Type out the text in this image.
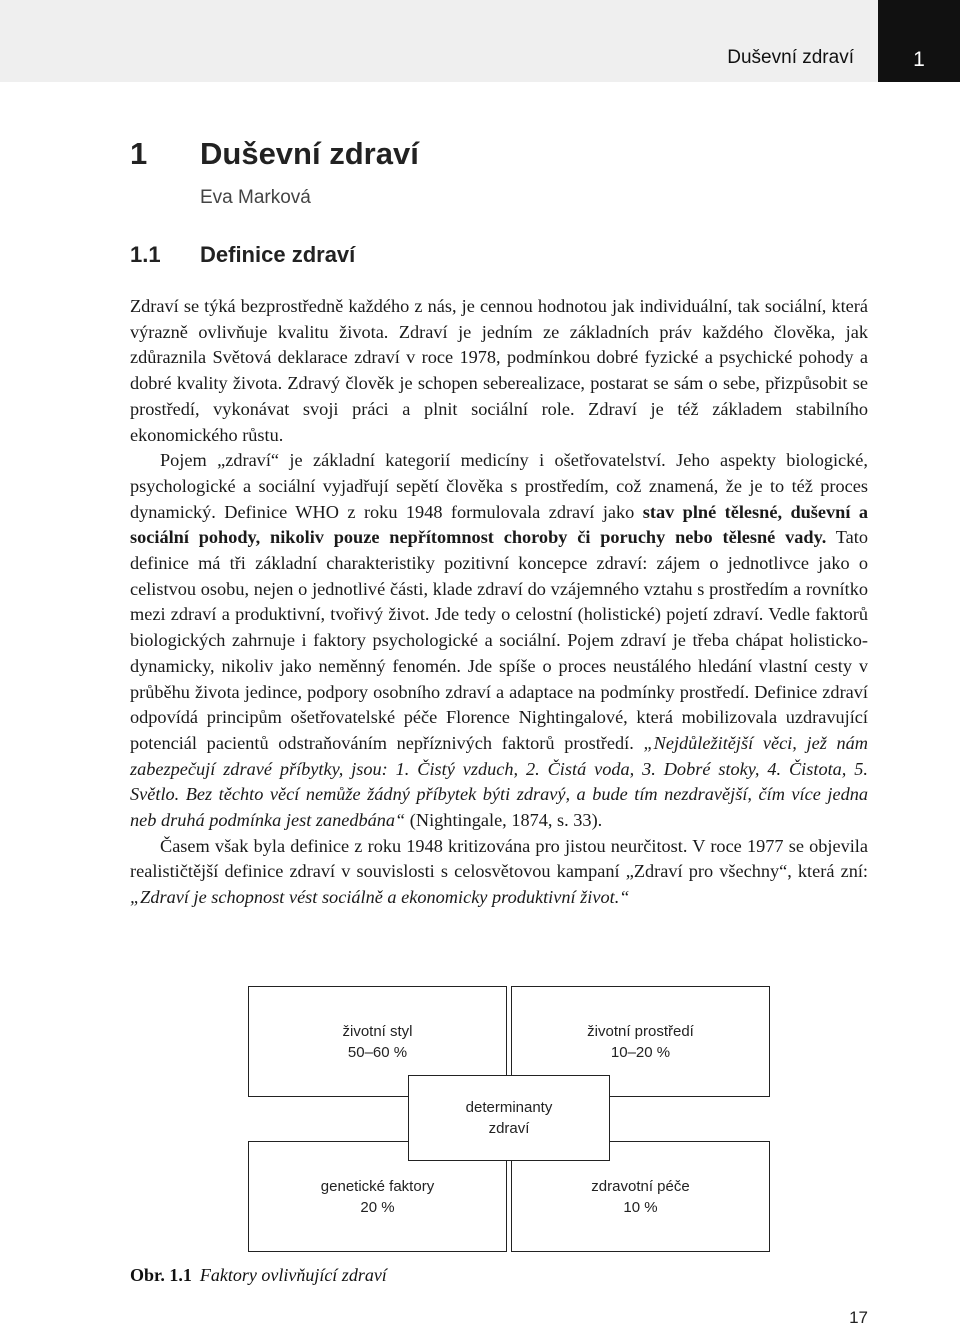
Duševní zdraví	1
1 Duševní zdraví
Eva Marková
1.1 Definice zdraví

Zdraví se týká bezprostředně každého z nás, je cennou hodnotou jak individuální, tak sociální, která výrazně ovlivňuje kvalitu života. Zdraví je jedním ze základních práv každého člověka, jak zdůraznila Světová deklarace zdraví v roce 1978, podmínkou dobré fyzické a psychické pohody a dobré kvality života. Zdravý člověk je schopen seberealizace, postarat se sám o sebe, přizpůsobit se prostředí, vykonávat svoji práci a plnit sociální role. Zdraví je též základem stabilního ekonomického růstu.

Pojem „zdraví“ je základní kategorií medicíny i ošetřovatelství. Jeho aspekty biologické, psychologické a sociální vyjadřují sepětí člověka s prostředím, což znamená, že je to též proces dynamický. Definice WHO z roku 1948 formulovala zdraví jako stav plné tělesné, duševní a sociální pohody, nikoliv pouze nepřítomnost choroby či poruchy nebo tělesné vady. Tato definice má tři základní charakteristiky pozitivní koncepce zdraví: zájem o jednotlivce jako o celistvou osobu, nejen o jednotlivé části, klade zdraví do vzájemného vztahu s prostředím a rovnítko mezi zdraví a produktivní, tvořivý život. Jde tedy o celostní (holistické) pojetí zdraví. Vedle faktorů biologických zahrnuje i faktory psychologické a sociální. Pojem zdraví je třeba chápat holisticko-dynamicky, nikoliv jako neměnný fenomén. Jde spíše o proces neustálého hledání vlastní cesty v průběhu života jedince, podpory osobního zdraví a adaptace na podmínky prostředí. Definice zdraví odpovídá principům ošetřovatelské péče Florence Nightingalové, která mobilizovala uzdravující potenciál pacientů odstraňováním nepříznivých faktorů prostředí. „Nejdůležitější věci, jež nám zabezpečují zdravé příbytky, jsou: 1. Čistý vzduch, 2. Čistá voda, 3. Dobré stoky, 4. Čistota, 5. Světlo. Bez těchto věcí nemůže žádný příbytek býti zdravý, a bude tím nezdravější, čím více jedna neb druhá podmínka jest zanedbána“ (Nightingale, 1874, s. 33).

Časem však byla definice z roku 1948 kritizována pro jistou neurčitost. V roce 1977 se objevila realističtější definice zdraví v souvislosti s celosvětovou kampaní „Zdraví pro všechny“, která zní: „Zdraví je schopnost vést sociálně a ekonomicky produktivní život.“

životní styl
50–60 %
životní prostředí
10–20 %
genetické faktory
20 %
zdravotní péče
10 %
determinanty
zdraví
Obr. 1.1 Faktory ovlivňující zdraví
17
